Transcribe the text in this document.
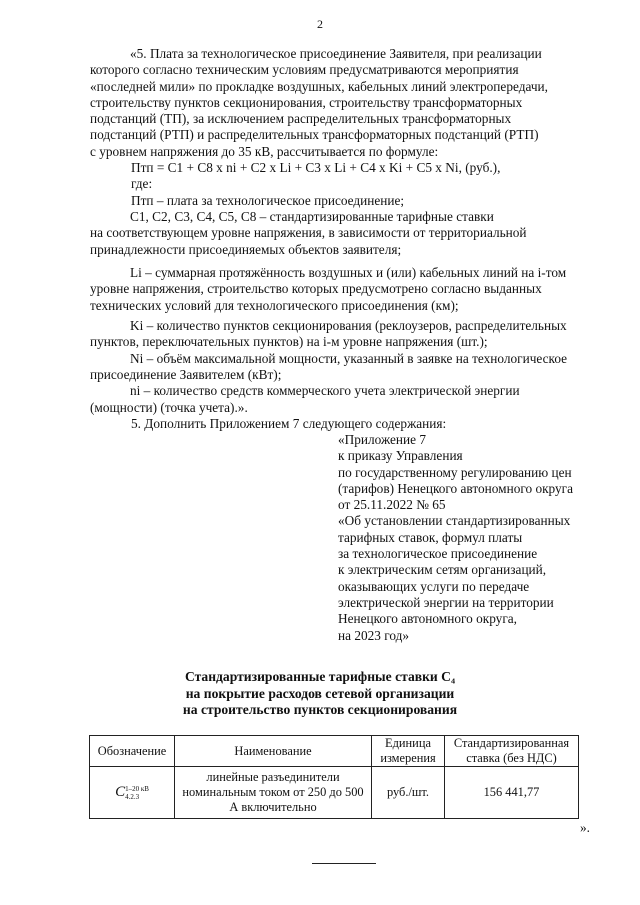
2
«5. Плата за технологическое присоединение Заявителя, при реализации
которого согласно техническим условиям предусматриваются мероприятия
«последней мили» по прокладке воздушных, кабельных линий электропередачи,
строительству пунктов секционирования, строительству трансформаторных
подстанций (ТП), за исключением распределительных трансформаторных
подстанций (РТП) и распределительных трансформаторных подстанций (РТП)
с уровнем напряжения до 35 кВ, рассчитывается по формуле:
Птп = С1 + С8 x ni + C2 x Li + C3 x Li + C4 x Ki + C5 x Ni, (руб.),
где:
Птп – плата за технологическое присоединение;
С1, С2, С3, С4, С5, С8 – стандартизированные тарифные ставки
на соответствующем уровне напряжения, в зависимости от территориальной
принадлежности присоединяемых объектов заявителя;
Li – суммарная протяжённость воздушных и (или) кабельных линий на i-том
уровне напряжения, строительство которых предусмотрено согласно выданных
технических условий для технологического присоединения (км);
Ki – количество пунктов секционирования (реклоузеров, распределительных
пунктов, переключательных пунктов) на i-м уровне напряжения (шт.);
Ni – объём максимальной мощности, указанный в заявке на технологическое
присоединение Заявителем (кВт);
ni – количество средств коммерческого учета электрической энергии
(мощности) (точка учета).».
5. Дополнить Приложением 7 следующего содержания:
«Приложение 7
к приказу Управления
по государственному регулированию цен
(тарифов) Ненецкого автономного округа
от 25.11.2022 № 65
«Об установлении стандартизированных
тарифных ставок, формул платы
за технологическое присоединение
к электрическим сетям организаций,
оказывающих услуги по передаче
электрической энергии на территории
Ненецкого автономного округа,
на 2023 год»
Стандартизированные тарифные ставки С₄
на покрытие расходов сетевой организации
на строительство пунктов секционирования
Обозначение	Наименование	Единица измерения	Стандартизированная ставка (без НДС)
C 1–20 кВ
4.2.3	линейные разъединители номинальным током от 250 до 500 А включительно	руб./шт.	156 441,77
».
